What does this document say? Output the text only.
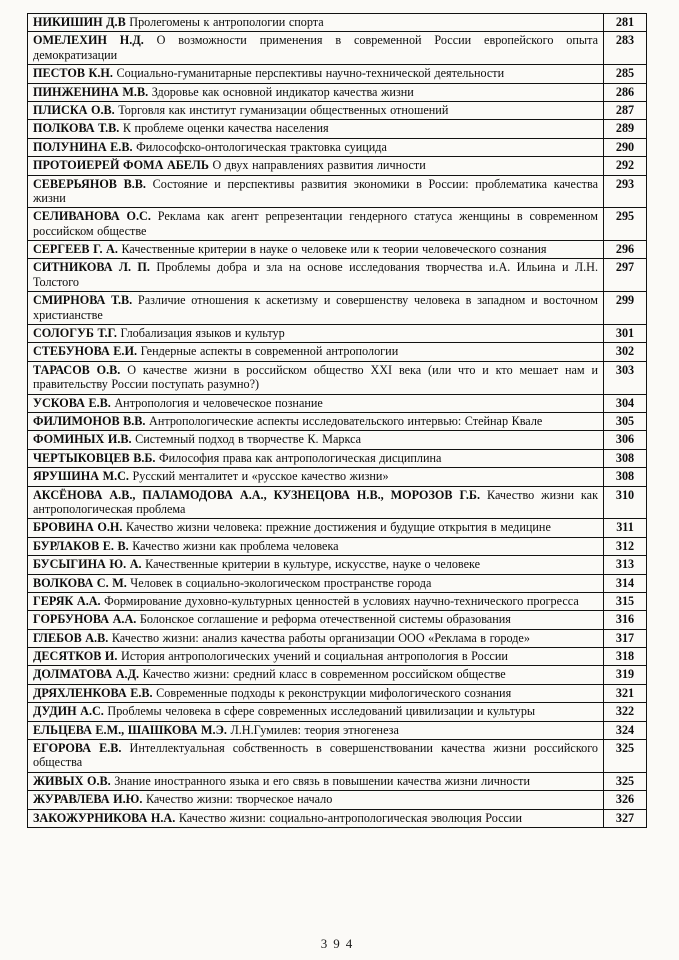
НИКИШИН Д.В Пролегомены к антропологии спорта	281
ОМЕЛЕХИН Н.Д. О возможности применения в современной России европейского опыта демократизации	283
ПЕСТОВ К.Н. Социально-гуманитарные перспективы научно-технической деятельности	285
ПИНЖЕНИНА М.В. Здоровье как основной индикатор качества жизни	286
ПЛИСКА О.В. Торговля как институт гуманизации общественных отношений	287
ПОЛКОВА Т.В. К проблеме оценки качества населения	289
ПОЛУНИНА Е.В. Философско-онтологическая трактовка суицида	290
ПРОТОИЕРЕЙ ФОМА АБЕЛЬ О двух направлениях развития личности	292
СЕВЕРЬЯНОВ В.В. Состояние и перспективы развития экономики в России: проблематика качества жизни	293
СЕЛИВАНОВА О.С. Реклама как агент репрезентации гендерного статуса женщины в современном российском обществе	295
СЕРГЕЕВ Г. А. Качественные критерии в науке о человеке или к теории человеческого сознания	296
СИТНИКОВА Л. П. Проблемы добра и зла на основе исследования творчества и.А. Ильина и Л.Н. Толстого	297
СМИРНОВА Т.В. Различие отношения к аскетизму и совершенству человека в западном и восточном христианстве	299
СОЛОГУБ Т.Г. Глобализация языков и культур	301
СТЕБУНОВА Е.И. Гендерные аспекты в современной антропологии	302
ТАРАСОВ О.В. О качестве жизни в российском общество XXI века (или что и кто мешает нам и правительству России поступать разумно?)	303
УСКОВА Е.В. Антропология и человеческое познание	304
ФИЛИМОНОВ В.В. Антропологические аспекты исследовательского интервью: Стейнар Квале	305
ФОМИНЫХ И.В. Системный подход в творчестве К. Маркса	306
ЧЕРТЫКОВЦЕВ В.Б. Философия права как антропологическая дисциплина	308
ЯРУШИНА М.С. Русский менталитет и «русское качество жизни»	308
АКСЁНОВА А.В., ПАЛАМОДОВА А.А., КУЗНЕЦОВА Н.В., МОРОЗОВ Г.Б. Качество жизни как антропологическая проблема	310
БРОВИНА О.Н. Качество жизни человека: прежние достижения и будущие открытия в медицине	311
БУРЛАКОВ Е. В. Качество жизни как проблема человека	312
БУСЫГИНА Ю. А. Качественные критерии в культуре, искусстве, науке о человеке	313
ВОЛКОВА С. М. Человек в социально-экологическом пространстве города	314
ГЕРЯК А.А. Формирование духовно-культурных ценностей в условиях научно-технического прогресса	315
ГОРБУНОВА А.А. Болонское соглашение и реформа отечественной системы образования	316
ГЛЕБОВ А.В. Качество жизни: анализ качества работы организации ООО «Реклама в городе»	317
ДЕСЯТКОВ И. История антропологических учений и социальная антропология в России	318
ДОЛМАТОВА А.Д. Качество жизни: средний класс в современном российском обществе	319
ДРЯХЛЕНКОВА Е.В. Современные подходы к реконструкции мифологического сознания	321
ДУДИН А.С. Проблемы человека в сфере современных исследований цивилизации и культуры	322
ЕЛЬЦЕВА Е.М., ШАШКОВА М.Э. Л.Н.Гумилев: теория этногенеза	324
ЕГОРОВА Е.В. Интеллектуальная собственность в совершенствовании качества жизни российского общества	325
ЖИВЫХ О.В. Знание иностранного языка и его связь в повышении качества жизни личности	325
ЖУРАВЛЕВА И.Ю. Качество жизни: творческое начало	326
ЗАКОЖУРНИКОВА Н.А. Качество жизни: социально-антропологическая эволюция России	327
394
